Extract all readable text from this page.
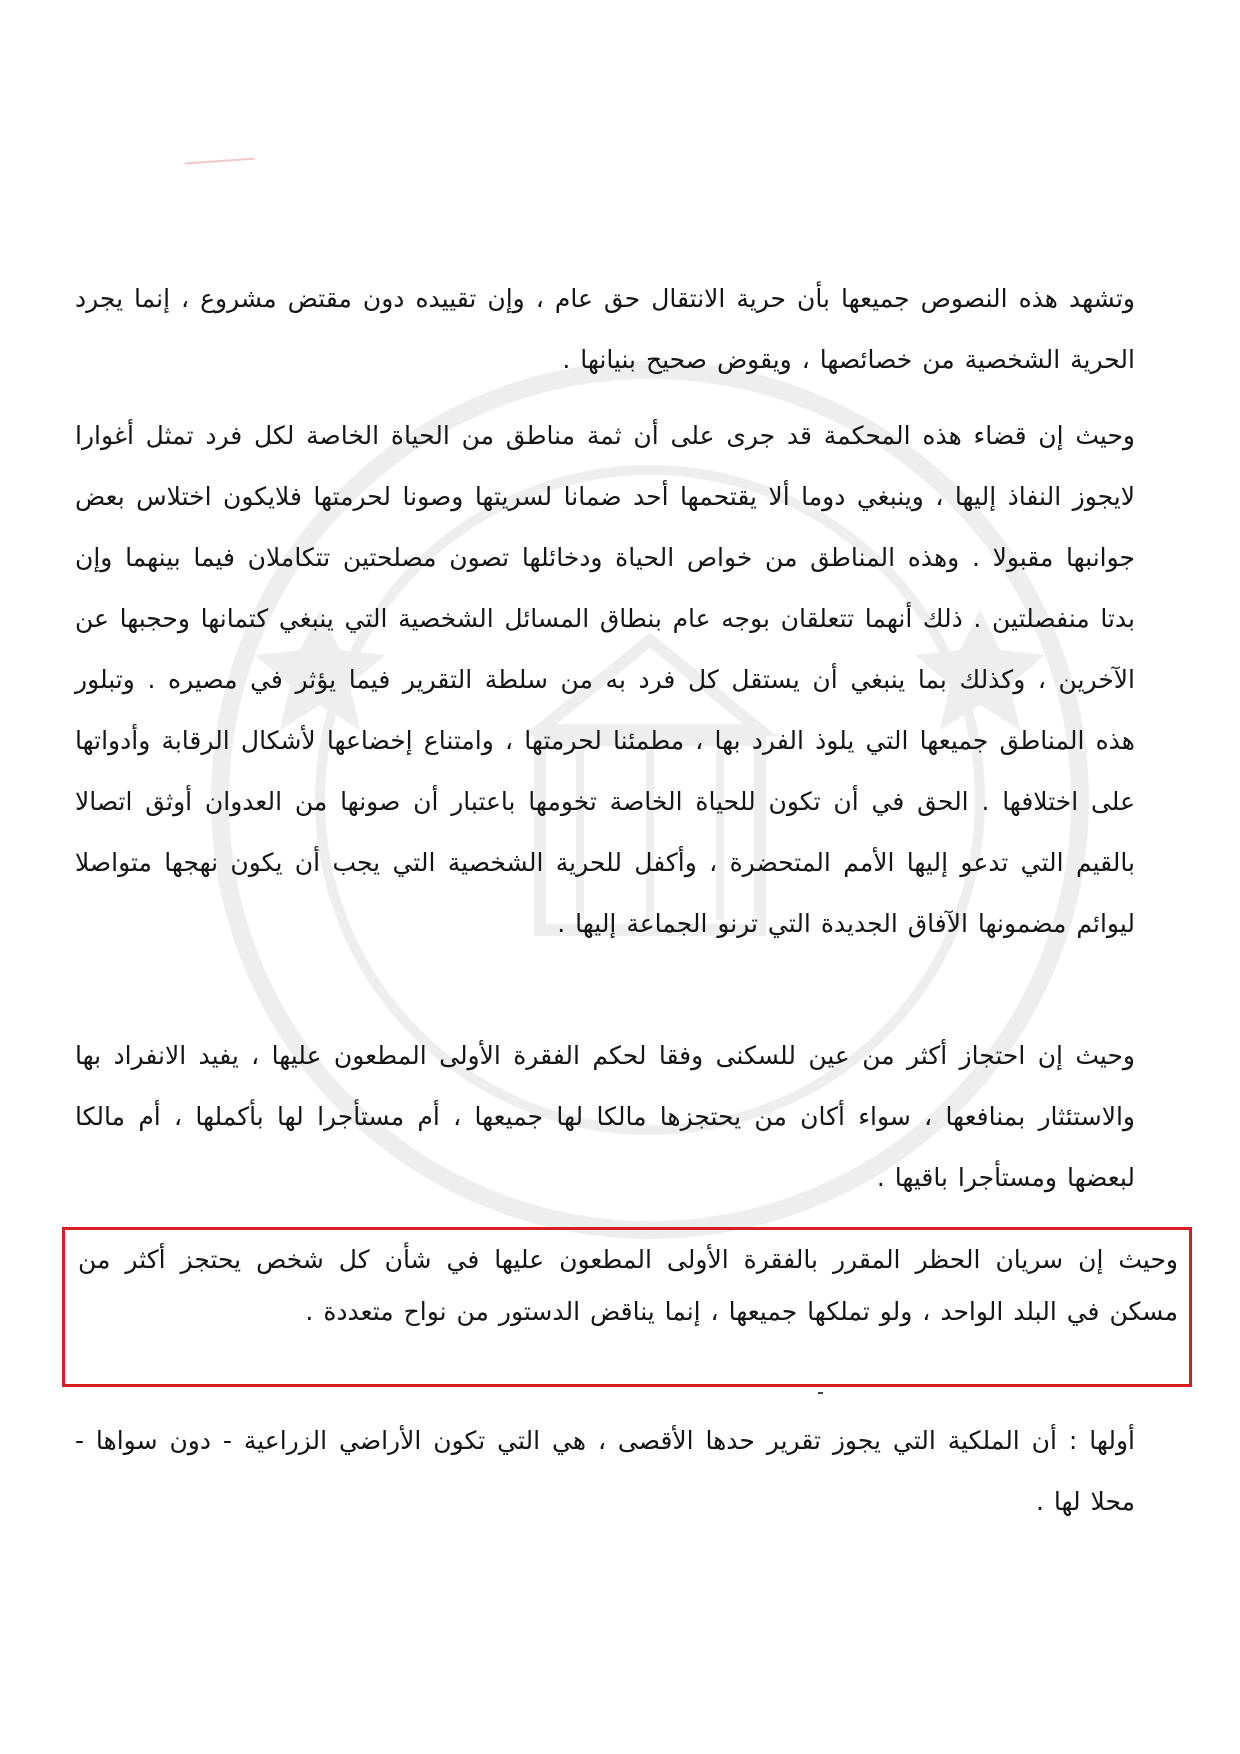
وتشهد هذه النصوص جميعها بأن حرية الانتقال حق عام ، وإن تقييده دون مقتض مشروع ، إنما يجرد الحرية الشخصية من خصائصها ، ويقوض صحيح بنيانها .

وحيث إن قضاء هذه المحكمة قد جرى على أن ثمة مناطق من الحياة الخاصة لكل فرد تمثل أغوارا لايجوز النفاذ إليها ، وينبغي دوما ألا يقتحمها أحد ضمانا لسريتها وصونا لحرمتها فلايكون اختلاس بعض جوانبها مقبولا . وهذه المناطق من خواص الحياة ودخائلها تصون مصلحتين تتكاملان فيما بينهما وإن بدتا منفصلتين . ذلك أنهما تتعلقان بوجه عام بنطاق المسائل الشخصية التي ينبغي كتمانها وحجبها عن الآخرين ، وكذلك بما ينبغي أن يستقل كل فرد به من سلطة التقرير فيما يؤثر في مصيره . وتبلور هذه المناطق جميعها التي يلوذ الفرد بها ، مطمئنا لحرمتها ، وامتناع إخضاعها لأشكال الرقابة وأدواتها على اختلافها . الحق في أن تكون للحياة الخاصة تخومها باعتبار أن صونها من العدوان أوثق اتصالا بالقيم التي تدعو إليها الأمم المتحضرة ، وأكفل للحرية الشخصية التي يجب أن يكون نهجها متواصلا ليوائم مضمونها الآفاق الجديدة التي ترنو الجماعة إليها .

وحيث إن احتجاز أكثر من عين للسكنى وفقا لحكم الفقرة الأولى المطعون عليها ، يفيد الانفراد بها والاستئثار بمنافعها ، سواء أكان من يحتجزها مالكا لها جميعها ، أم مستأجرا لها بأكملها ، أم مالكا لبعضها ومستأجرا باقيها .

وحيث إن سريان الحظر المقرر بالفقرة الأولى المطعون عليها في شأن كل شخص يحتجز أكثر من مسكن في البلد الواحد ، ولو تملكها جميعها ، إنما يناقض الدستور من نواح متعددة .

أولها : أن الملكية التي يجوز تقرير حدها الأقصى ، هي التي تكون الأراضي الزراعية - دون سواها - محلا لها .
